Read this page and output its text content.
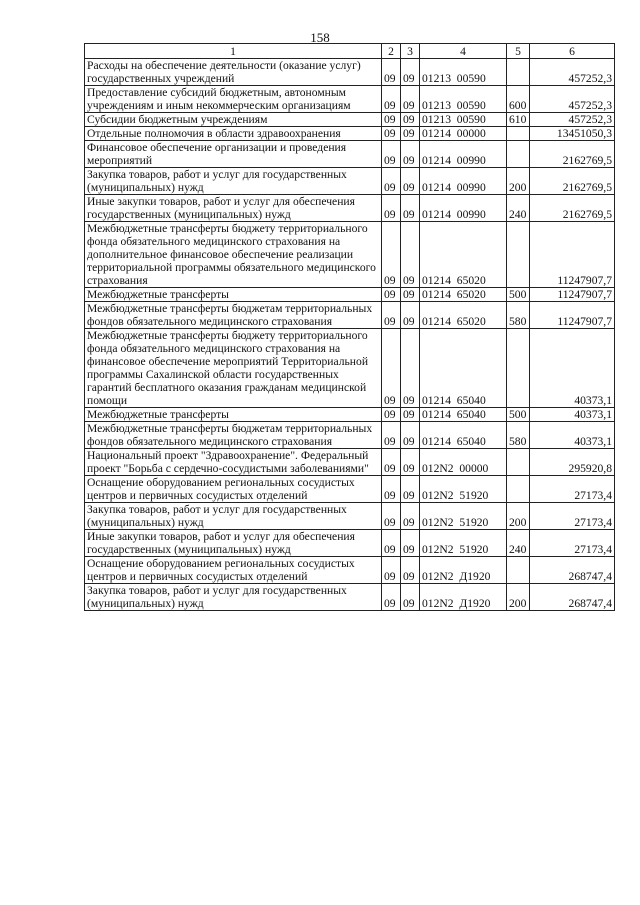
158
1	2	3	4	5	6
Расходы на обеспечение деятельности (оказание услуг) государственных учреждений	09	09	01213  00590		457252,3
Предоставление субсидий бюджетным, автономным учреждениям и иным некоммерческим организациям	09	09	01213  00590	600	457252,3
Субсидии бюджетным учреждениям	09	09	01213  00590	610	457252,3
Отдельные полномочия в области здравоохранения	09	09	01214  00000		13451050,3
Финансовое обеспечение организации и проведения мероприятий	09	09	01214  00990		2162769,5
Закупка товаров, работ и услуг для государственных (муниципальных) нужд	09	09	01214  00990	200	2162769,5
Иные закупки товаров, работ и услуг для обеспечения государственных (муниципальных) нужд	09	09	01214  00990	240	2162769,5
Межбюджетные трансферты бюджету территориального фонда обязательного медицинского страхования на дополнительное финансовое обеспечение реализации территориальной программы обязательного медицинского страхования	09	09	01214  65020		11247907,7
Межбюджетные трансферты	09	09	01214  65020	500	11247907,7
Межбюджетные трансферты бюджетам территориальных фондов обязательного медицинского страхования	09	09	01214  65020	580	11247907,7
Межбюджетные трансферты бюджету территориального фонда обязательного медицинского страхования на финансовое обеспечение мероприятий Территориальной программы Сахалинской области государственных гарантий бесплатного оказания гражданам медицинской помощи	09	09	01214  65040		40373,1
Межбюджетные трансферты	09	09	01214  65040	500	40373,1
Межбюджетные трансферты бюджетам территориальных фондов обязательного медицинского страхования	09	09	01214  65040	580	40373,1
Национальный проект "Здравоохранение". Федеральный проект "Борьба с сердечно-сосудистыми заболеваниями"	09	09	012N2  00000		295920,8
Оснащение оборудованием региональных сосудистых центров и первичных сосудистых отделений	09	09	012N2  51920		27173,4
Закупка товаров, работ и услуг для государственных (муниципальных) нужд	09	09	012N2  51920	200	27173,4
Иные закупки товаров, работ и услуг для обеспечения государственных (муниципальных) нужд	09	09	012N2  51920	240	27173,4
Оснащение оборудованием региональных сосудистых центров и первичных сосудистых отделений	09	09	012N2  Д1920		268747,4
Закупка товаров, работ и услуг для государственных (муниципальных) нужд	09	09	012N2  Д1920	200	268747,4
